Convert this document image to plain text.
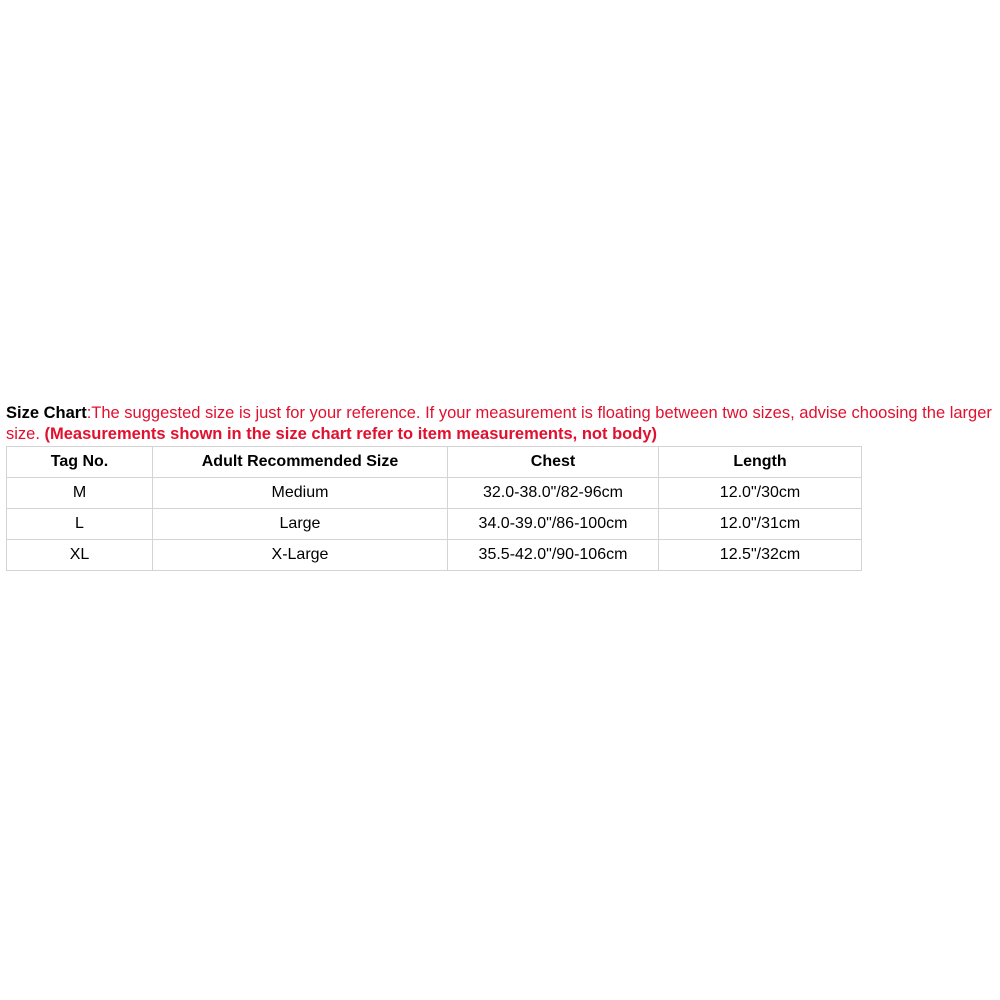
Size Chart:The suggested size is just for your reference. If your measurement is floating between two sizes, advise choosing the larger size. (Measurements shown in the size chart refer to item measurements, not body)

Tag No.	Adult Recommended Size	Chest	Length
M	Medium	32.0-38.0"/82-96cm	12.0"/30cm
L	Large	34.0-39.0"/86-100cm	12.0"/31cm
XL	X-Large	35.5-42.0"/90-106cm	12.5"/32cm
